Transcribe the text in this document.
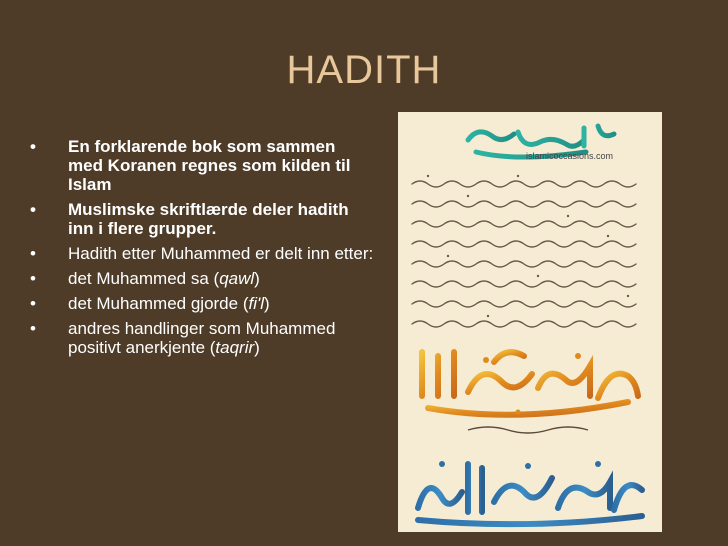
HADITH
• En forklarende bok som sammen med Koranen regnes som kilden til Islam
• Muslimske skriftlærde deler hadith inn i flere grupper.
• Hadith etter Muhammed er delt inn etter:
• det Muhammed sa (qawl)
• det Muhammed gjorde (fi'l)
• andres handlinger som Muhammed positivt anerkjente (taqrir)
islamicoccasions.com
